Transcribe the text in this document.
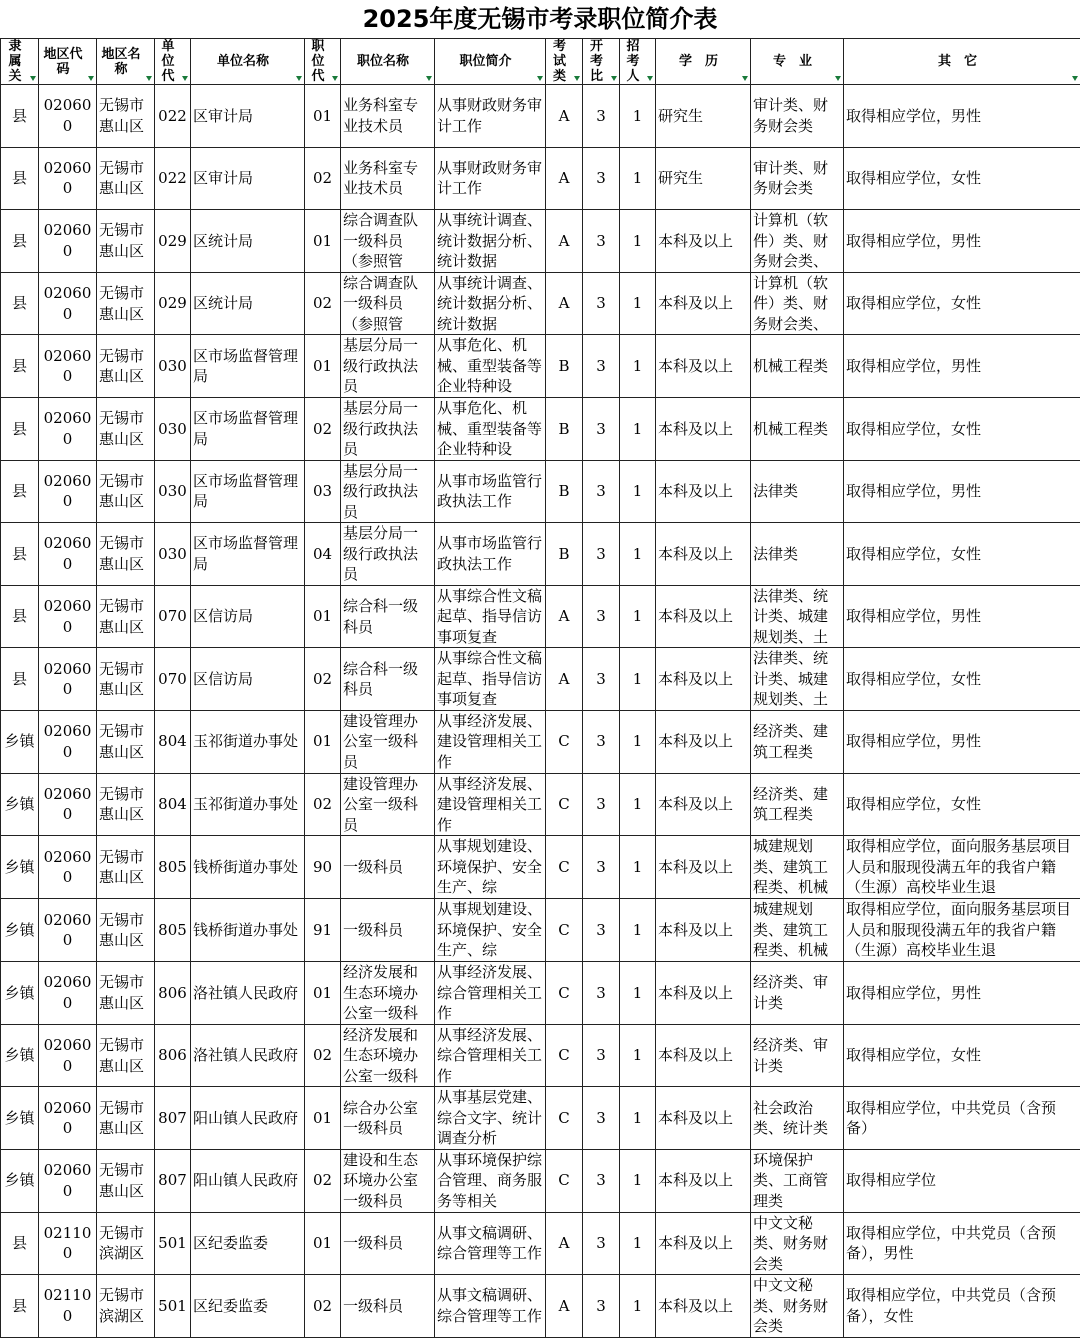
2025年度无锡市考录职位简介表
隶属关	地区代码	地区名称	单位代	单位名称	职位代	职位名称	职位简介	考试类	开考比	招考人	学　历	专　业	其　它

县	020600	无锡市惠山区	022	区审计局	01	业务科室专业技术员	从事财政财务审计工作	A	3	1	研究生	审计类、财务财会类	取得相应学位，男性

县	020600	无锡市惠山区	022	区审计局	02	业务科室专业技术员	从事财政财务审计工作	A	3	1	研究生	审计类、财务财会类	取得相应学位，女性

县	020600	无锡市惠山区	029	区统计局	01	综合调查队一级科员（参照管	从事统计调查、统计数据分析、统计数据	A	3	1	本科及以上	计算机（软件）类、财务财会类、	取得相应学位，男性

县	020600	无锡市惠山区	029	区统计局	02	综合调查队一级科员（参照管	从事统计调查、统计数据分析、统计数据	A	3	1	本科及以上	计算机（软件）类、财务财会类、	取得相应学位，女性

县	020600	无锡市惠山区	030	区市场监督管理局	01	基层分局一级行政执法员	从事危化、机械、重型装备等企业特种设	B	3	1	本科及以上	机械工程类	取得相应学位，男性

县	020600	无锡市惠山区	030	区市场监督管理局	02	基层分局一级行政执法员	从事危化、机械、重型装备等企业特种设	B	3	1	本科及以上	机械工程类	取得相应学位，女性

县	020600	无锡市惠山区	030	区市场监督管理局	03	基层分局一级行政执法员	从事市场监管行政执法工作	B	3	1	本科及以上	法律类	取得相应学位，男性

县	020600	无锡市惠山区	030	区市场监督管理局	04	基层分局一级行政执法员	从事市场监管行政执法工作	B	3	1	本科及以上	法律类	取得相应学位，女性

县	020600	无锡市惠山区	070	区信访局	01	综合科一级科员	从事综合性文稿起草、指导信访事项复查	A	3	1	本科及以上	法律类、统计类、城建规划类、土	取得相应学位，男性

县	020600	无锡市惠山区	070	区信访局	02	综合科一级科员	从事综合性文稿起草、指导信访事项复查	A	3	1	本科及以上	法律类、统计类、城建规划类、土	取得相应学位，女性

乡镇	020600	无锡市惠山区	804	玉祁街道办事处	01	建设管理办公室一级科员	从事经济发展、建设管理相关工作	C	3	1	本科及以上	经济类、建筑工程类	取得相应学位，男性

乡镇	020600	无锡市惠山区	804	玉祁街道办事处	02	建设管理办公室一级科员	从事经济发展、建设管理相关工作	C	3	1	本科及以上	经济类、建筑工程类	取得相应学位，女性

乡镇	020600	无锡市惠山区	805	钱桥街道办事处	90	一级科员	从事规划建设、环境保护、安全生产、综	C	3	1	本科及以上	城建规划类、建筑工程类、机械	取得相应学位，面向服务基层项目人员和服现役满五年的我省户籍（生源）高校毕业生退

乡镇	020600	无锡市惠山区	805	钱桥街道办事处	91	一级科员	从事规划建设、环境保护、安全生产、综	C	3	1	本科及以上	城建规划类、建筑工程类、机械	取得相应学位，面向服务基层项目人员和服现役满五年的我省户籍（生源）高校毕业生退

乡镇	020600	无锡市惠山区	806	洛社镇人民政府	01	经济发展和生态环境办公室一级科	从事经济发展、综合管理相关工作	C	3	1	本科及以上	经济类、审计类	取得相应学位，男性

乡镇	020600	无锡市惠山区	806	洛社镇人民政府	02	经济发展和生态环境办公室一级科	从事经济发展、综合管理相关工作	C	3	1	本科及以上	经济类、审计类	取得相应学位，女性

乡镇	020600	无锡市惠山区	807	阳山镇人民政府	01	综合办公室一级科员	从事基层党建、综合文字、统计调查分析	C	3	1	本科及以上	社会政治类、统计类	取得相应学位，中共党员（含预备）

乡镇	020600	无锡市惠山区	807	阳山镇人民政府	02	建设和生态环境办公室一级科员	从事环境保护综合管理、商务服务等相关	C	3	1	本科及以上	环境保护类、工商管理类	取得相应学位

县	021100	无锡市滨湖区	501	区纪委监委	01	一级科员	从事文稿调研、综合管理等工作	A	3	1	本科及以上	中文文秘类、财务财会类	取得相应学位，中共党员（含预备），男性

县	021100	无锡市滨湖区	501	区纪委监委	02	一级科员	从事文稿调研、综合管理等工作	A	3	1	本科及以上	中文文秘类、财务财会类	取得相应学位，中共党员（含预备），女性
